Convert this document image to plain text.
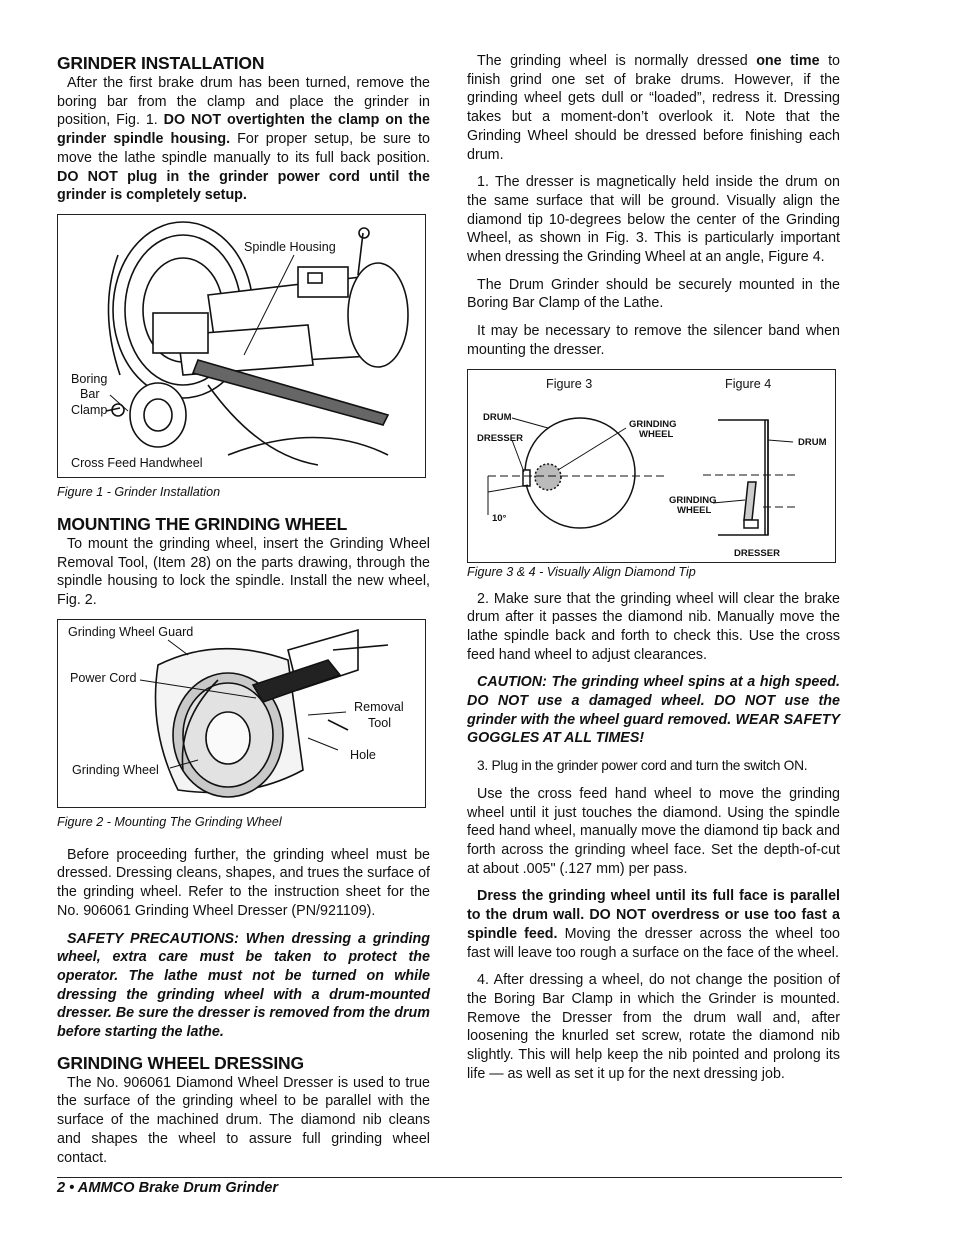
GRINDER INSTALLATION

After the first brake drum has been turned, remove the boring bar from the clamp and place the grinder in position, Fig. 1. DO NOT overtighten the clamp on the grinder spindle housing. For proper setup, be sure to move the lathe spindle manually to its full back position. DO NOT plug in the grinder power cord until the grinder is completely setup.

Spindle Housing
Boring
Bar
Clamp
Cross Feed Handwheel
Figure 1 - Grinder Installation
MOUNTING THE GRINDING WHEEL

To mount the grinding wheel, insert the Grinding Wheel Removal Tool, (Item 28) on the parts drawing, through the spindle housing to lock the spindle. Install the new wheel, Fig. 2.

Grinding Wheel Guard
Power Cord
Removal
Tool
Hole
Grinding Wheel
Figure 2 - Mounting The Grinding Wheel

Before proceeding further, the grinding wheel must be dressed. Dressing cleans, shapes, and trues the surface of the grinding wheel. Refer to the instruction sheet for the No. 906061 Grinding Wheel Dresser (PN/921109).

SAFETY PRECAUTIONS: When dressing a grinding wheel, extra care must be taken to protect the operator. The lathe must not be turned on while dressing the grinding wheel with a drum-mounted dresser. Be sure the dresser is removed from the drum before starting the lathe.

GRINDING WHEEL DRESSING

The No. 906061 Diamond Wheel Dresser is used to true the surface of the grinding wheel to be parallel with the surface of the machined drum. The diamond nib cleans and shapes the wheel to assure full grinding wheel contact.

The grinding wheel is normally dressed one time to finish grind one set of brake drums. However, if the grinding wheel gets dull or “loaded”, redress it. Dressing takes but a moment-don’t overlook it. Note that the Grinding Wheel should be dressed before finishing each drum.

1. The dresser is magnetically held inside the drum on the same surface that will be ground. Visually align the diamond tip 10-degrees below the center of the Grinding Wheel, as shown in Fig. 3. This is particularly important when dressing the Grinding Wheel at an angle, Figure 4.

The Drum Grinder should be securely mounted in the Boring Bar Clamp of the Lathe.

It may be necessary to remove the silencer band when mounting the dresser.

Figure 3	Figure 4
DRUM
DRESSER
GRINDING
WHEEL
10°
DRUM
GRINDING
WHEEL
DRESSER
Figure 3 & 4 - Visually Align Diamond Tip

2. Make sure that the grinding wheel will clear the brake drum after it passes the diamond nib. Manually move the lathe spindle back and forth to check this. Use the cross feed hand wheel to adjust clearances.

CAUTION: The grinding wheel spins at a high speed. DO NOT use a damaged wheel. DO NOT use the grinder with the wheel guard removed. WEAR SAFETY GOGGLES AT ALL TIMES!

3. Plug in the grinder power cord and turn the switch ON.

Use the cross feed hand wheel to move the grinding wheel until it just touches the diamond. Using the spindle feed hand wheel, manually move the diamond tip back and forth across the grinding wheel face. Set the depth-of-cut at about .005" (.127 mm) per pass.

Dress the grinding wheel until its full face is parallel to the drum wall. DO NOT overdress or use too fast a spindle feed. Moving the dresser across the wheel too fast will leave too rough a surface on the face of the wheel.

4. After dressing a wheel, do not change the position of the Boring Bar Clamp in which the Grinder is mounted. Remove the Dresser from the drum wall and, after loosening the knurled set screw, rotate the diamond nib slightly. This will help keep the nib pointed and prolong its life — as well as set it up for the next dressing job.

2 • AMMCO Brake Drum Grinder
